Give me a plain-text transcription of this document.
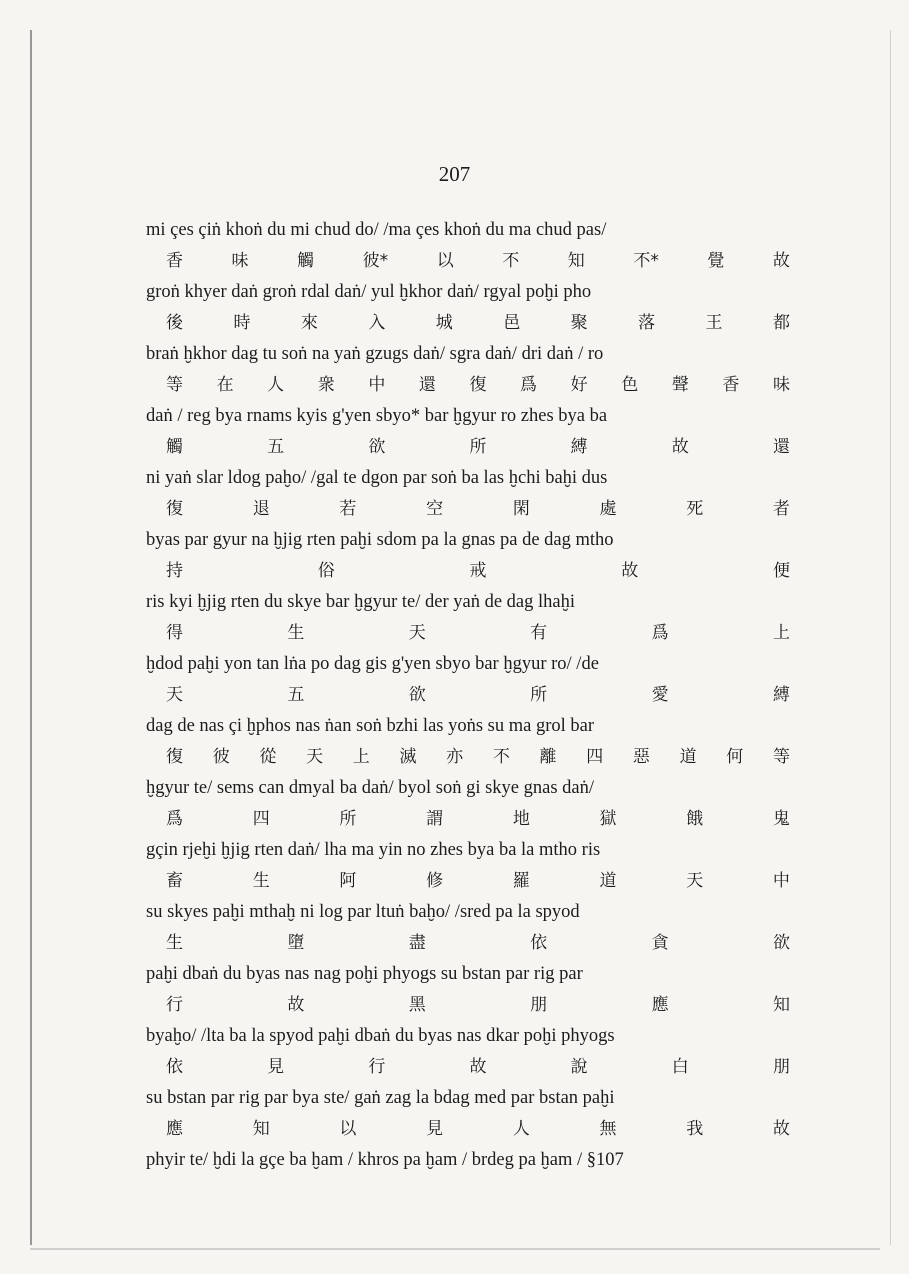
207
mi çes çiṅ khoṅ du mi chud do/ /ma çes khoṅ du ma chud pas/
香	味	觸	彼*	以	不	知	不*	覺	故
groṅ khyer daṅ groṅ rdal daṅ/ yul ḫkhor daṅ/ rgyal poḫi pho
後	時	來	入	城	邑	聚	落	王	都
braṅ ḫkhor dag tu soṅ na yaṅ gzugs daṅ/ sgra daṅ/ dri daṅ / ro
等 在 人 衆 中 還 復 爲 好 色 聲 香 味
daṅ / reg bya rnams kyis g'yen sbyo* bar ḫgyur ro zhes bya ba
觸	五	欲	所	縛	故	還
ni yaṅ slar ldog paḫo/ /gal te dgon par soṅ ba las ḫchi baḫi dus
復	退	若	空	閑	處	死	者
byas par gyur na ḫjig rten paḫi sdom pa la gnas pa de dag mtho
持	俗	戒	故	便
ris kyi ḫjig rten du skye bar ḫgyur te/ der yaṅ de dag lhaḫi
得	生	天	有	爲	上
ḫdod paḫi yon tan lṅa po dag gis g'yen sbyo bar ḫgyur ro/ /de
天	五	欲	所	愛	縛
dag de nas çi ḫphos nas ṅan soṅ bzhi las yoṅs su ma grol bar
復 彼 從 天 上 滅 亦 不 離 四 惡 道 何 等
ḫgyur te/ sems can dmyal ba daṅ/ byol soṅ gi skye gnas daṅ/
爲	四	所	謂	地	獄	餓	鬼
gçin rjeḫi ḫjig rten daṅ/ lha ma yin no zhes bya ba la mtho ris
畜	生	阿	修	羅	道	天	中
su skyes paḫi mthaḫ ni log par ltuṅ baḫo/ /sred pa la spyod
生	墮	盡	依	貪	欲
paḫi dbaṅ du byas nas nag poḫi phyogs su bstan par rig par
行	故	黑	朋	應	知
byaḫo/ /lta ba la spyod paḫi dbaṅ du byas nas dkar poḫi phyogs
依	見	行	故	說	白	朋
su bstan par rig par bya ste/ gaṅ zag la bdag med par bstan paḫi
應	知	以	見	人	無	我	故
phyir te/ ḫdi la gçe ba ḫam / khros pa ḫam / brdeg pa ḫam / §107
